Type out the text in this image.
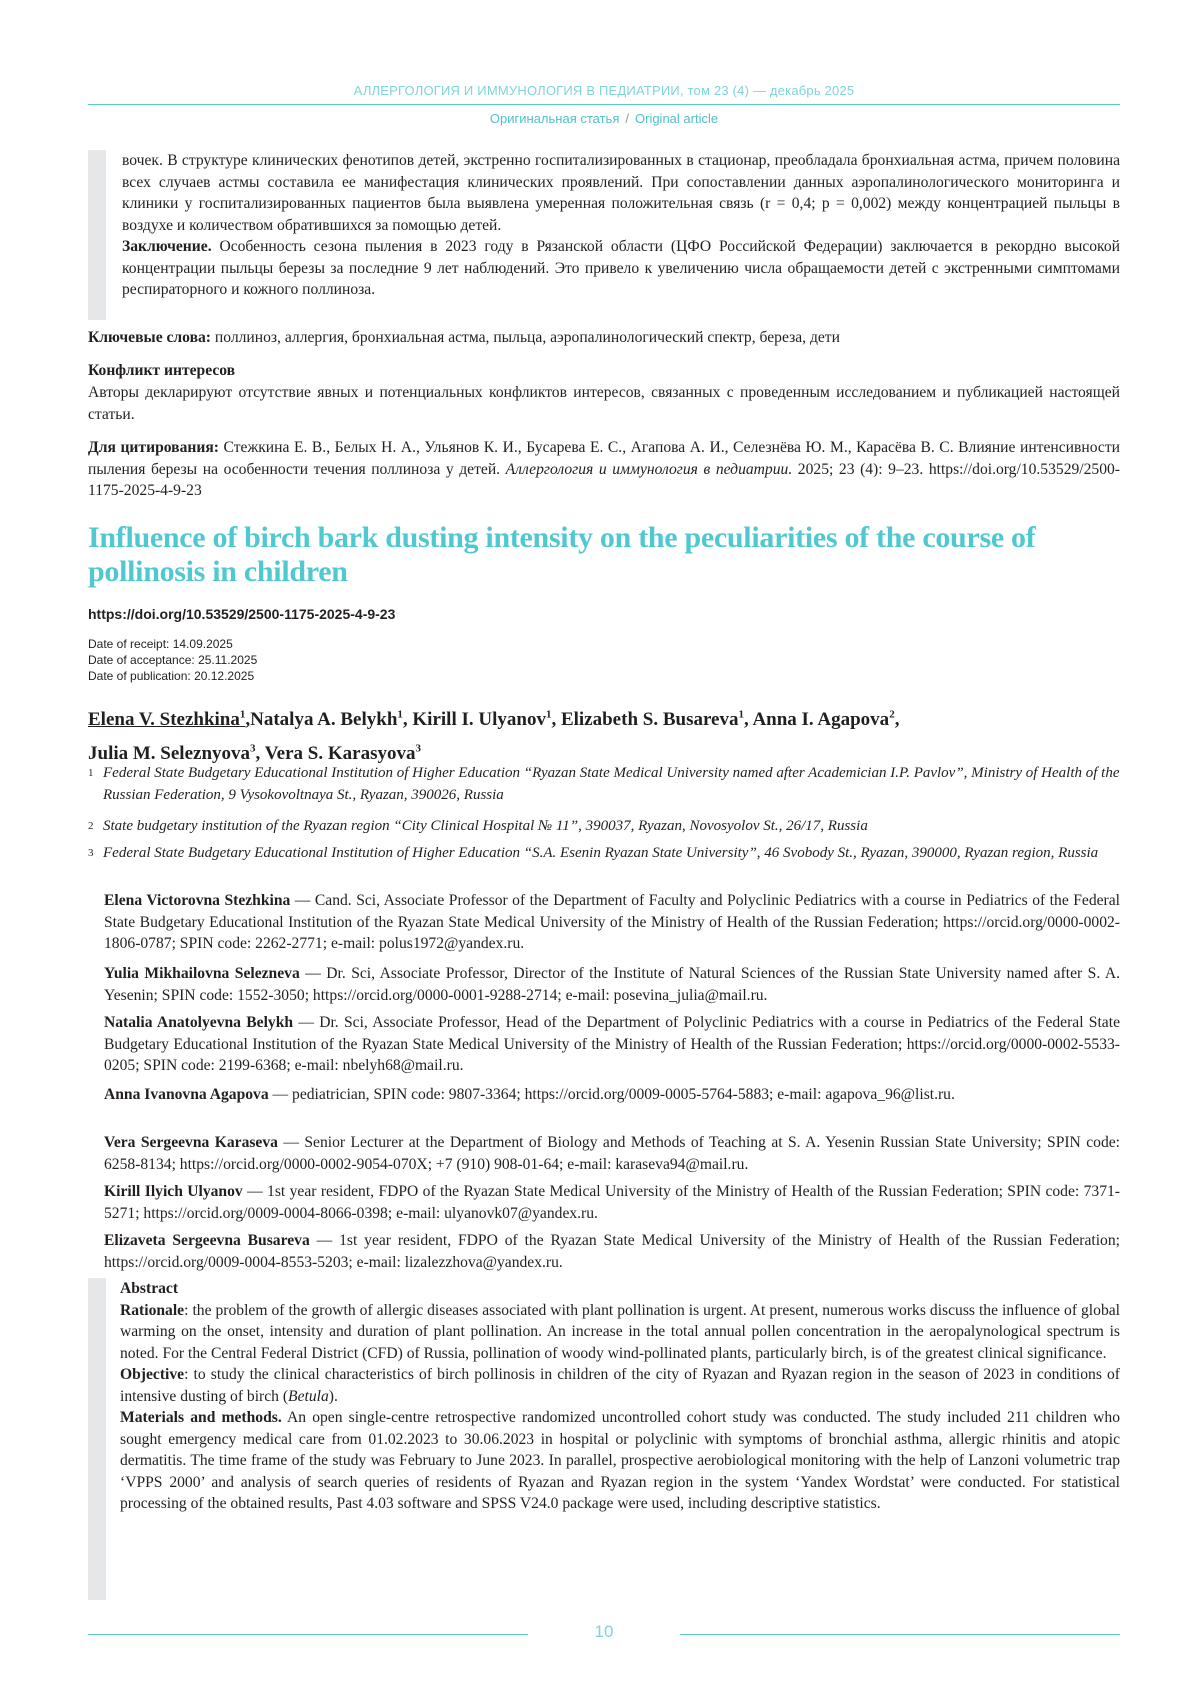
АЛЛЕРГОЛОГИЯ И ИММУНОЛОГИЯ В ПЕДИАТРИИ, том 23 (4) — декабрь 2025
Оригинальная статья / Original article

вочек. В структуре клинических фенотипов детей, экстренно госпитализированных в стационар, преобладала бронхиальная астма, причем половина всех случаев астмы составила ее манифестация клинических проявлений. При сопоставлении данных аэропалинологического мониторинга и клиники у госпитализированных пациентов была выявлена умеренная положительная связь (r = 0,4; p = 0,002) между концентрацией пыльцы в воздухе и количеством обратившихся за помощью детей.

Заключение. Особенность сезона пыления в 2023 году в Рязанской области (ЦФО Российской Федерации) заключается в рекордно высокой концентрации пыльцы березы за последние 9 лет наблюдений. Это привело к увеличению числа обращаемости детей с экстренными симптомами респираторного и кожного поллиноза.

Ключевые слова: поллиноз, аллергия, бронхиальная астма, пыльца, аэропалинологический спектр, береза, дети

Конфликт интересов

Авторы декларируют отсутствие явных и потенциальных конфликтов интересов, связанных с проведенным исследованием и публикацией настоящей статьи.

Для цитирования: Стежкина Е. В., Белых Н. А., Ульянов К. И., Бусарева Е. С., Агапова А. И., Селезнёва Ю. М., Карасёва В. С. Влияние интенсивности пыления березы на особенности течения поллиноза у детей. Аллергология и иммунология в педиатрии. 2025; 23 (4): 9–23. https://doi.org/10.53529/2500-1175-2025-4-9-23

Influence of birch bark dusting intensity on the peculiarities of the course of pollinosis in children
https://doi.org/10.53529/2500-1175-2025-4-9-23
Date of receipt: 14.09.2025
Date of acceptance: 25.11.2025
Date of publication: 20.12.2025

Elena V. Stezhkina$^1$,Natalya A. Belykh$^1$, Kirill I. Ulyanov$^1$, Elizabeth S. Busareva$^1$, Anna I. Agapova$^2$,
Julia M. Seleznyova$^3$, Vera S. Karasyova$^3$

1 Federal State Budgetary Educational Institution of Higher Education “Ryazan State Medical University named after Academician I.P. Pavlov”, Ministry of Health of the Russian Federation, 9 Vysokovoltnaya St., Ryazan, 390026, Russia
2 State budgetary institution of the Ryazan region “City Clinical Hospital № 11”, 390037, Ryazan, Novosyolov St., 26/17, Russia
3 Federal State Budgetary Educational Institution of Higher Education “S.A. Esenin Ryazan State University”, 46 Svobody St., Ryazan, 390000, Ryazan region, Russia

Elena Victorovna Stezhkina — Cand. Sci, Associate Professor of the Department of Faculty and Polyclinic Pediatrics with a course in Pediatrics of the Federal State Budgetary Educational Institution of the Ryazan State Medical University of the Ministry of Health of the Russian Federation; https://orcid.org/0000-0002-1806-0787; SPIN code: 2262-2771; e-mail: polus1972@yandex.ru.

Yulia Mikhailovna Selezneva — Dr. Sci, Associate Professor, Director of the Institute of Natural Sciences of the Russian State University named after S. A. Yesenin; SPIN code: 1552-3050; https://orcid.org/0000-0001-9288-2714; e-mail: posevina_julia@mail.ru.

Natalia Anatolyevna Belykh — Dr. Sci, Associate Professor, Head of the Department of Polyclinic Pediatrics with a course in Pediatrics of the Federal State Budgetary Educational Institution of the Ryazan State Medical University of the Ministry of Health of the Russian Federation; https://orcid.org/0000-0002-5533-0205; SPIN code: 2199-6368; e-mail: nbelyh68@mail.ru.

Anna Ivanovna Agapova — pediatrician, SPIN code: 9807-3364; https://orcid.org/0009-0005-5764-5883; e-mail: agapova_96@list.ru.

Vera Sergeevna Karaseva — Senior Lecturer at the Department of Biology and Methods of Teaching at S. A. Yesenin Russian State University; SPIN code: 6258-8134; https://orcid.org/0000-0002-9054-070X; +7 (910) 908-01-64; e-mail: karaseva94@mail.ru.

Kirill Ilyich Ulyanov — 1st year resident, FDPO of the Ryazan State Medical University of the Ministry of Health of the Russian Federation; SPIN code: 7371-5271; https://orcid.org/0009-0004-8066-0398; e-mail: ulyanovk07@yandex.ru.

Elizaveta Sergeevna Busareva — 1st year resident, FDPO of the Ryazan State Medical University of the Ministry of Health of the Russian Federation; https://orcid.org/0009-0004-8553-5203; e-mail: lizalezzhova@yandex.ru.

Abstract

Rationale: the problem of the growth of allergic diseases associated with plant pollination is urgent. At present, numerous works discuss the influence of global warming on the onset, intensity and duration of plant pollination. An increase in the total annual pollen concentration in the aeropalynological spectrum is noted. For the Central Federal District (CFD) of Russia, pollination of woody wind-pollinated plants, particularly birch, is of the greatest clinical significance.

Objective: to study the clinical characteristics of birch pollinosis in children of the city of Ryazan and Ryazan region in the season of 2023 in conditions of intensive dusting of birch (Betula).

Materials and methods. An open single-centre retrospective randomized uncontrolled cohort study was conducted. The study included 211 children who sought emergency medical care from 01.02.2023 to 30.06.2023 in hospital or polyclinic with symptoms of bronchial asthma, allergic rhinitis and atopic dermatitis. The time frame of the study was February to June 2023. In parallel, prospective aerobiological monitoring with the help of Lanzoni volumetric trap ‘VPPS 2000’ and analysis of search queries of residents of Ryazan and Ryazan region in the system ‘Yandex Wordstat’ were conducted. For statistical processing of the obtained results, Past 4.03 software and SPSS V24.0 package were used, including descriptive statistics.

10
